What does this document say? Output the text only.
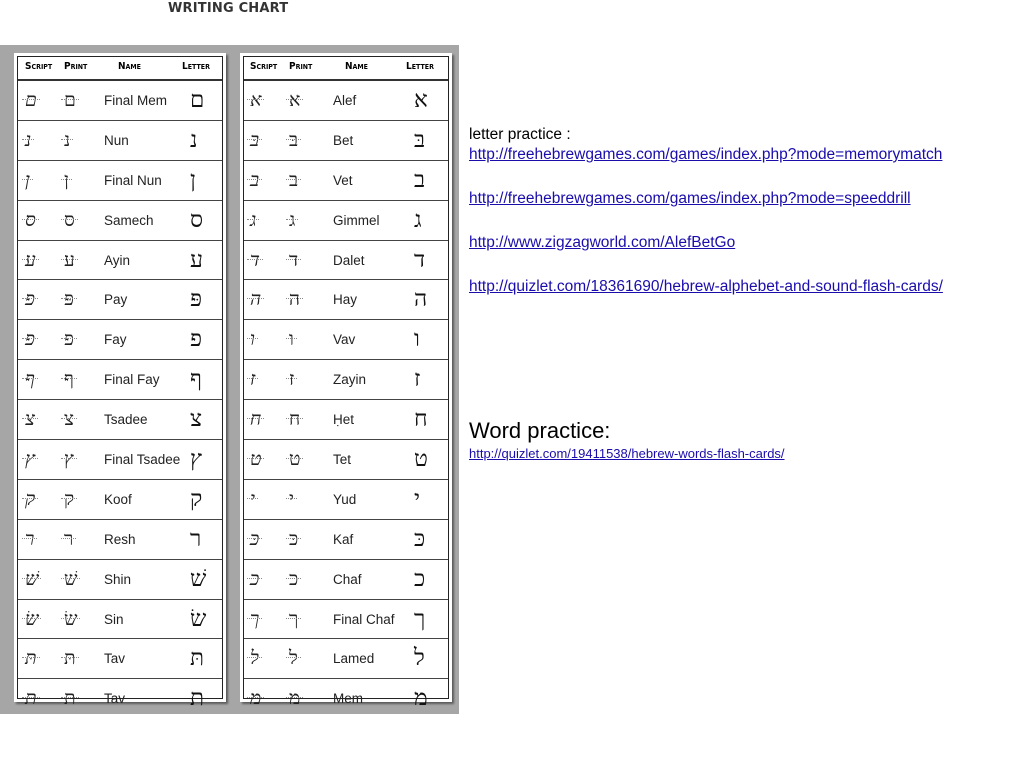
WRITING CHART
Script Print	Name	Letter
ם ם Final Mem ם
נ נ	Nun	נ
ן ן	Final Nun ן
ס ס Samech ס
ע ע Ayin	ע
פ פּ Pay	פּ
פ פ Fay	פ
ף ף Final Fay ף
צ צ Tsadee צ
ץ ץ Final Tsadee ץ
ק ק Koof	ק
ר ר Resh ר
שׁ שׁ Shin	שׁ
שׂ שׂ Sin	שׂ
תּ תּ Tav	תּ
ת ת Tav	ת
Script Print	Name	Letter
א א Alef	א
בּ בּ	Bet	בּ
ב ב	Vet	ב
ג ג	Gimmel ג
ד ד	Dalet ד
ה ה Hay ה
ו ו	Vav	ו
ז ז	Zayin ז
ח ח Ḥet	ח
ט ט Tet	ט
י י	Yud	י
כּ כּ	Kaf	כּ
כ כ	Chaf כ
ך ך	Final Chaf ך
ל ל	Lamed ל
מ מ Mem מ
letter practice :
http://freehebrewgames.com/games/index.php?mode=memorymatch
http://freehebrewgames.com/games/index.php?mode=speeddrill
http://www.zigzagworld.com/AlefBetGo
http://quizlet.com/18361690/hebrew-alphebet-and-sound-flash-cards/
Word practice:
http://quizlet.com/19411538/hebrew-words-flash-cards/
